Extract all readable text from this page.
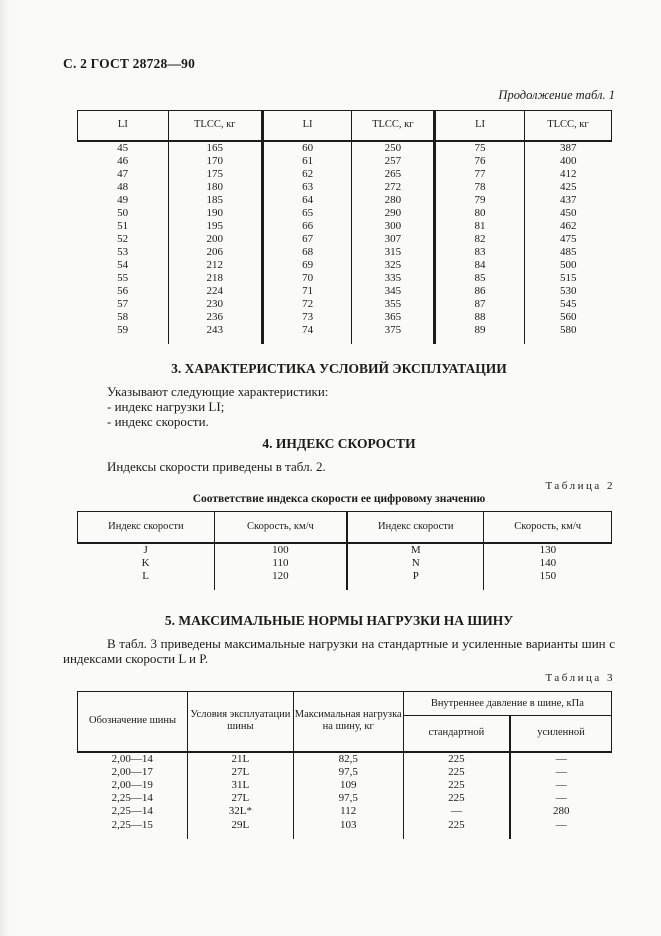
С. 2 ГОСТ 28728—90
Продолжение табл. 1
LI	TLCC, кг	LI	TLCC, кг	LI	TLCC, кг
45	165	60	250	75	387
46	170	61	257	76	400
47	175	62	265	77	412
48	180	63	272	78	425
49	185	64	280	79	437
50	190	65	290	80	450
51	195	66	300	81	462
52	200	67	307	82	475
53	206	68	315	83	485
54	212	69	325	84	500
55	218	70	335	85	515
56	224	71	345	86	530
57	230	72	355	87	545
58	236	73	365	88	560
59	243	74	375	89	580
3. ХАРАКТЕРИСТИКА УСЛОВИЙ ЭКСПЛУАТАЦИИ

Указывают следующие характеристики:

- индекс нагрузки LI;

- индекс скорости.

4. ИНДЕКС СКОРОСТИ

Индексы скорости приведены в табл. 2.

Таблица 2
Соответствие индекса скорости ее цифровому значению
Индекс скорости	Скорость, км/ч	Индекс скорости	Скорость, км/ч
J	100	M	130
K	110	N	140
L	120	P	150
5. МАКСИМАЛЬНЫЕ НОРМЫ НАГРУЗКИ НА ШИНУ

В табл. 3 приведены максимальные нагрузки на стандартные и усиленные варианты шин с индексами скорости L и Р.

Таблица 3
Обозначение шины	Условия эксплуатации шины	Максимальная нагрузка на шину, кг	Внутреннее давление в шине, кПа	
			стандартной	усиленной
2,00—14	21L	82,5	225	—
2,00—17	27L	97,5	225	—
2,00—19	31L	109	225	—
2,25—14	27L	97,5	225	—
2,25—14	32L*	112	—	280
2,25—15	29L	103	225	—
